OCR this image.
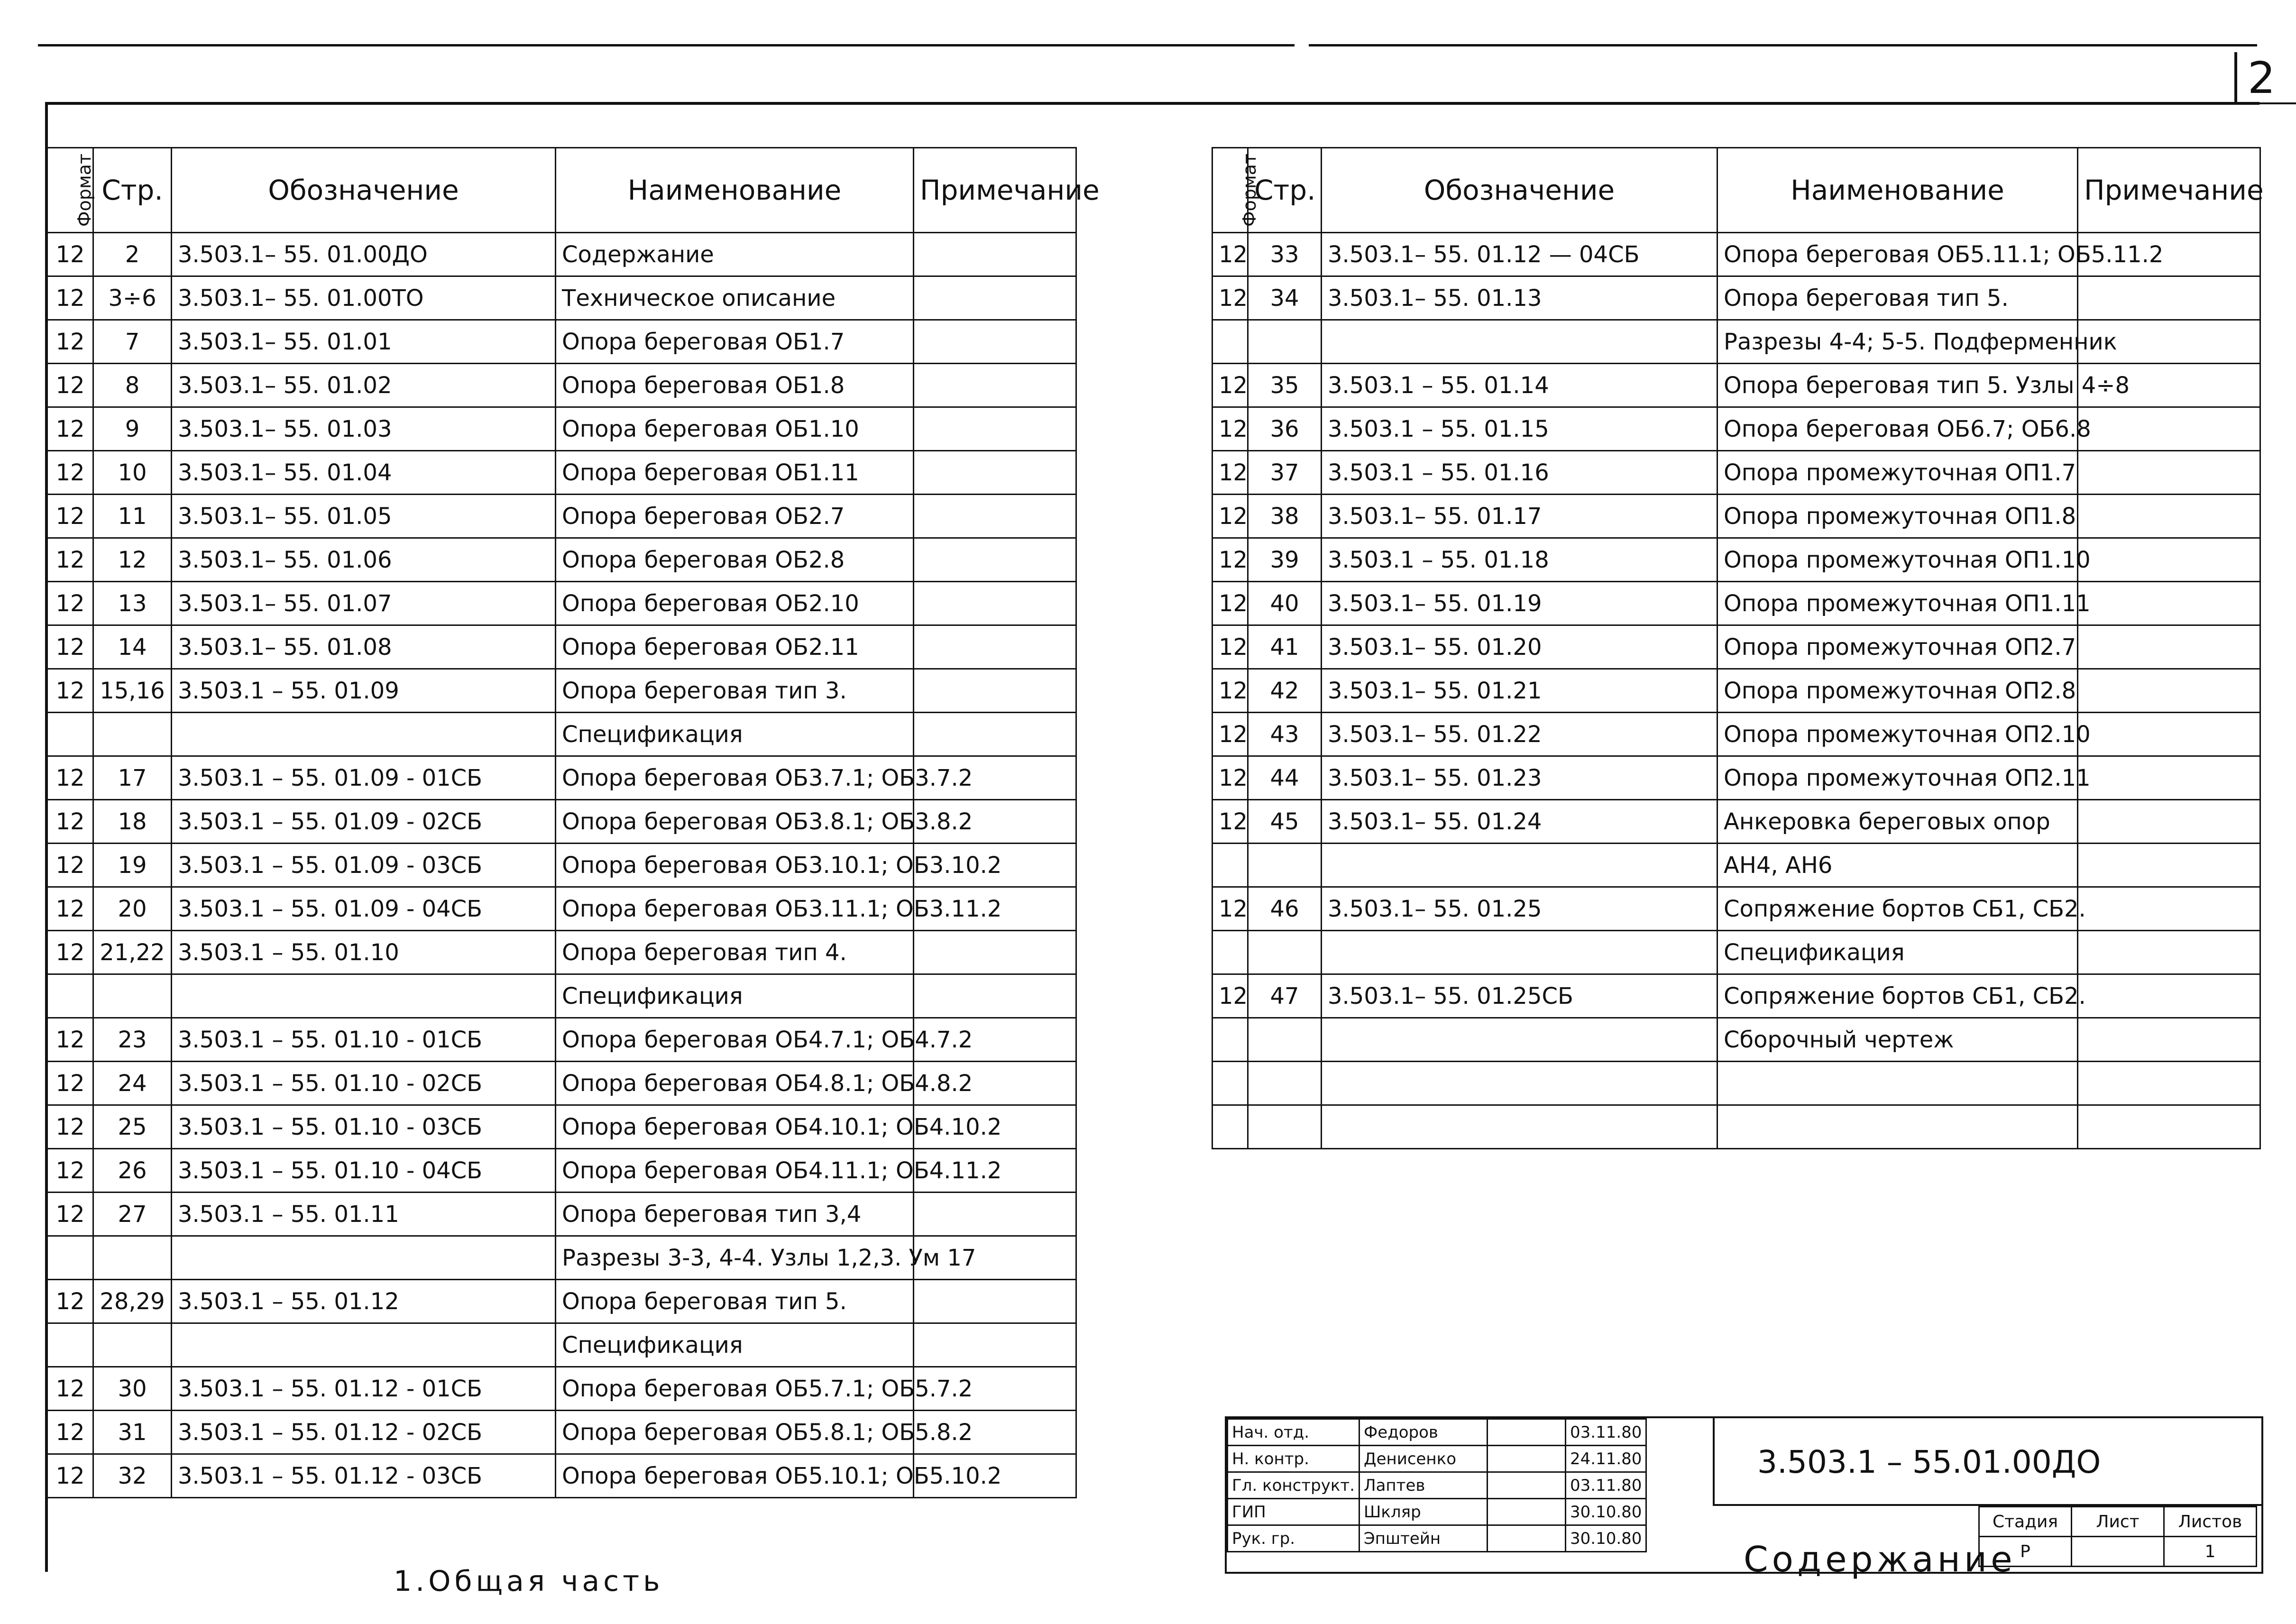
2
Формат	Стр.	Обозначение	Наименование	Примечание
12	2	3.503.1– 55. 01.00ДО	Содержание	
12	3÷6	3.503.1– 55. 01.00ТО	Техническое описание	
12	7	3.503.1– 55. 01.01	Опора береговая ОБ1.7	
12	8	3.503.1– 55. 01.02	Опора береговая ОБ1.8	
12	9	3.503.1– 55. 01.03	Опора береговая ОБ1.10	
12	10	3.503.1– 55. 01.04	Опора береговая ОБ1.11	
12	11	3.503.1– 55. 01.05	Опора береговая ОБ2.7	
12	12	3.503.1– 55. 01.06	Опора береговая ОБ2.8	
12	13	3.503.1– 55. 01.07	Опора береговая ОБ2.10	
12	14	3.503.1– 55. 01.08	Опора береговая ОБ2.11	
12	15,16	3.503.1 – 55. 01.09	Опора береговая тип 3.	
			Спецификация	
12	17	3.503.1 – 55. 01.09 - 01СБ	Опора береговая ОБ3.7.1; ОБ3.7.2	
12	18	3.503.1 – 55. 01.09 - 02СБ	Опора береговая ОБ3.8.1; ОБ3.8.2	
12	19	3.503.1 – 55. 01.09 - 03СБ	Опора береговая ОБ3.10.1; ОБ3.10.2	
12	20	3.503.1 – 55. 01.09 - 04СБ	Опора береговая ОБ3.11.1; ОБ3.11.2	
12	21,22	3.503.1 – 55. 01.10	Опора береговая тип 4.	
			Спецификация	
12	23	3.503.1 – 55. 01.10 - 01СБ	Опора береговая ОБ4.7.1; ОБ4.7.2	
12	24	3.503.1 – 55. 01.10 - 02СБ	Опора береговая ОБ4.8.1; ОБ4.8.2	
12	25	3.503.1 – 55. 01.10 - 03СБ	Опора береговая ОБ4.10.1; ОБ4.10.2	
12	26	3.503.1 – 55. 01.10 - 04СБ	Опора береговая ОБ4.11.1; ОБ4.11.2	
12	27	3.503.1 – 55. 01.11	Опора береговая тип 3,4	
			Разрезы 3-3, 4-4. Узлы 1,2,3. Ум 17	
12	28,29	3.503.1 – 55. 01.12	Опора береговая тип 5.	
			Спецификация	
12	30	3.503.1 – 55. 01.12 - 01СБ	Опора береговая ОБ5.7.1; ОБ5.7.2	
12	31	3.503.1 – 55. 01.12 - 02СБ	Опора береговая ОБ5.8.1; ОБ5.8.2	
12	32	3.503.1 – 55. 01.12 - 03СБ	Опора береговая ОБ5.10.1; ОБ5.10.2	
Формат	Стр.	Обозначение	Наименование	Примечание
12	33	3.503.1– 55. 01.12 — 04СБ	Опора береговая ОБ5.11.1; ОБ5.11.2	
12	34	3.503.1– 55. 01.13	Опора береговая тип 5.	
			Разрезы 4-4; 5-5. Подферменник	
12	35	3.503.1 – 55. 01.14	Опора береговая тип 5. Узлы 4÷8	
12	36	3.503.1 – 55. 01.15	Опора береговая ОБ6.7; ОБ6.8	
12	37	3.503.1 – 55. 01.16	Опора промежуточная ОП1.7	
12	38	3.503.1– 55. 01.17	Опора промежуточная ОП1.8	
12	39	3.503.1 – 55. 01.18	Опора промежуточная ОП1.10	
12	40	3.503.1– 55. 01.19	Опора промежуточная ОП1.11	
12	41	3.503.1– 55. 01.20	Опора промежуточная ОП2.7	
12	42	3.503.1– 55. 01.21	Опора промежуточная ОП2.8	
12	43	3.503.1– 55. 01.22	Опора промежуточная ОП2.10	
12	44	3.503.1– 55. 01.23	Опора промежуточная ОП2.11	
12	45	3.503.1– 55. 01.24	Анкеровка береговых опор	
			АН4, АН6	
12	46	3.503.1– 55. 01.25	Сопряжение бортов СБ1, СБ2.	
			Спецификация	
12	47	3.503.1– 55. 01.25СБ	Сопряжение бортов СБ1, СБ2.	
			Сборочный чертеж	

Нач. отд.	Федоров		03.11.80
Н. контр.	Денисенко		24.11.80
Гл. конструкт.	Лаптев		03.11.80
ГИП	Шкляр		30.10.80
Рук. гр.	Эпштейн		30.10.80
3.503.1 – 55.01.00ДО
Содержание
Стадия	Лист	Листов
Р		1
1.Общая часть
